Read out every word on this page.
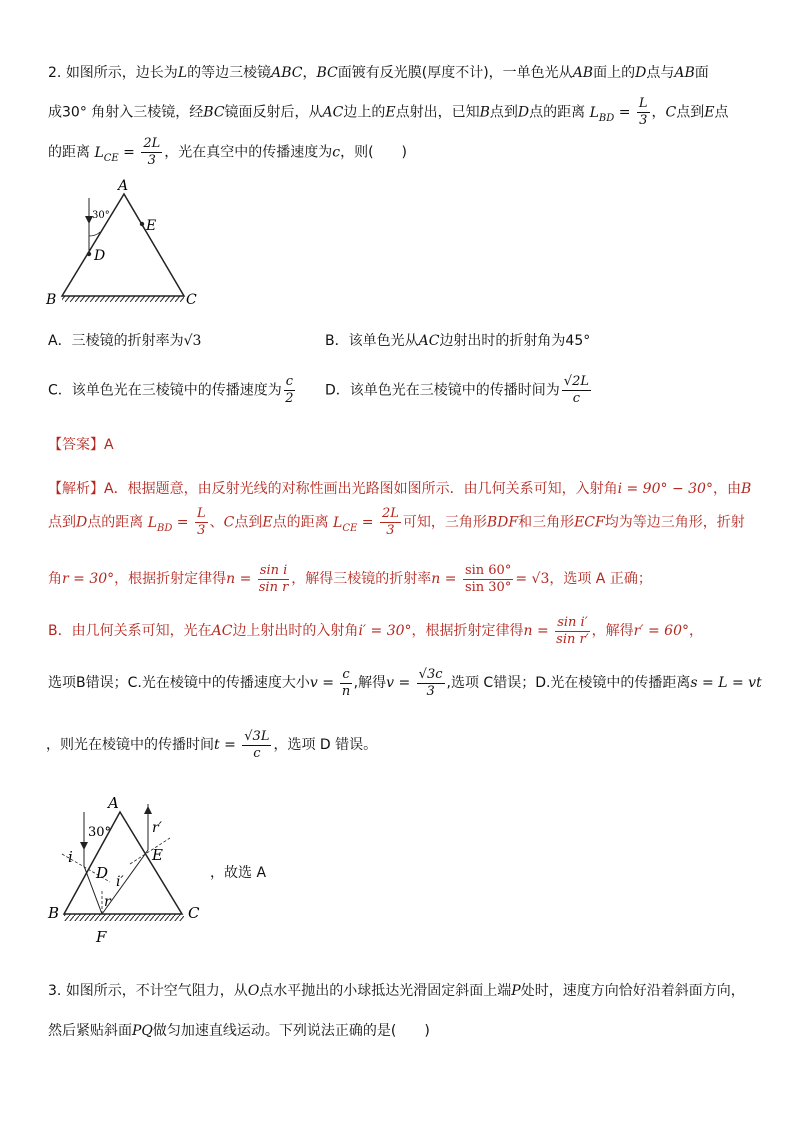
2. 如图所示，边长为L的等边三棱镜ABC，BC面镀有反光膜(厚度不计)，一单色光从AB面上的D点与AB面
成30° 角射入三棱镜，经BC镜面反射后，从AC边上的E点射出，已知B点到D点的距离 $L_{BD} = \frac{L}{3}$ ，C点到E点
的距离 $L_{CE} = \frac{2L}{3}$ ，光在真空中的传播速度为c，则(　　)
A
E
D
B	C
30°
A．三棱镜的折射率为√3	B．该单色光从AC边射出时的折射角为45°
C．该单色光在三棱镜中的传播速度为 $\frac{c}{2}$ D．该单色光在三棱镜中的传播时间为 $\frac{√2L}{c}$
【答案】A
【解析】A．根据题意，由反射光线的对称性画出光路图如图所示．由几何关系可知，入射角i = 90° − 30°，由B
点到D点的距离 $L_{BD} = \frac{L}{3}$ 、C点到E点的距离 $L_{CE} = \frac{2L}{3}$ 可知，三角形BDF和三角形ECF均为等边三角形，折射
角r = 30°，根据折射定律得$n = \frac{\text{sin i}}{\text{sin r}}$ ，解得三棱镜的折射率$n = \frac{\sin 60^\circ}{\sin 30^\circ} = √3$，选项 A 正确；
B．由几何关系可知，光在AC边上射出时的入射角i′ = 30°，根据折射定律得$n = \frac{\text{sin i′}}{\text{sin r′}}$ ，解得r′ = 60°，
选项B错误；C.光在棱镜中的传播速度大小$v = \frac{c}{n}$ ,解得$v = \frac{√3c}{3}$ ,选项 C错误；D.光在棱镜中的传播距离s = L = vt
，则光在棱镜中的传播时间$t = \frac{√3L}{c}$ ，选项 D 错误。
A
30°
i
D i′
r
r′
E
B	C
F
，故选 A
3. 如图所示，不计空气阻力，从O点水平抛出的小球抵达光滑固定斜面上端P处时，速度方向恰好沿着斜面方向，
然后紧贴斜面PQ做匀加速直线运动。下列说法正确的是(　　)
